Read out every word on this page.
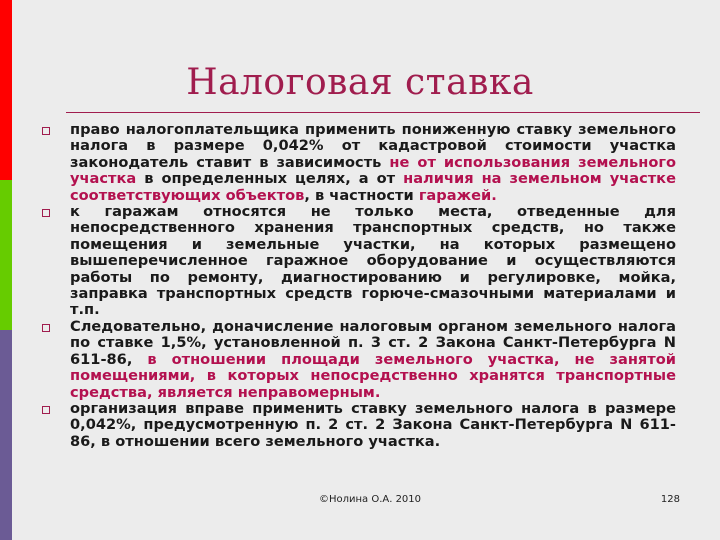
Налоговая ставка
право налогоплательщика применить пониженную ставку земельного налога в размере 0,042% от кадастровой стоимости участка законодатель ставит в зависимость не от использования земельного участка в определенных целях, а от наличия на земельном участке соответствующих объектов, в частности гаражей.
к гаражам относятся не только места, отведенные для непосредственного хранения транспортных средств, но также помещения и земельные участки, на которых размещено вышеперечисленное гаражное оборудование и осуществляются работы по ремонту, диагностированию и регулировке, мойка, заправка транспортных средств горюче-смазочными материалами и т.п.
Следовательно, доначисление налоговым органом земельного налога по ставке 1,5%, установленной п. 3 ст. 2 Закона Санкт-Петербурга N 611-86, в отношении площади земельного участка, не занятой помещениями, в которых непосредственно хранятся транспортные средства, является неправомерным.
организация вправе применить ставку земельного налога в размере 0,042%, предусмотренную п. 2 ст. 2 Закона Санкт-Петербурга N 611-86, в отношении всего земельного участка.
©Нолина О.А. 2010	128
